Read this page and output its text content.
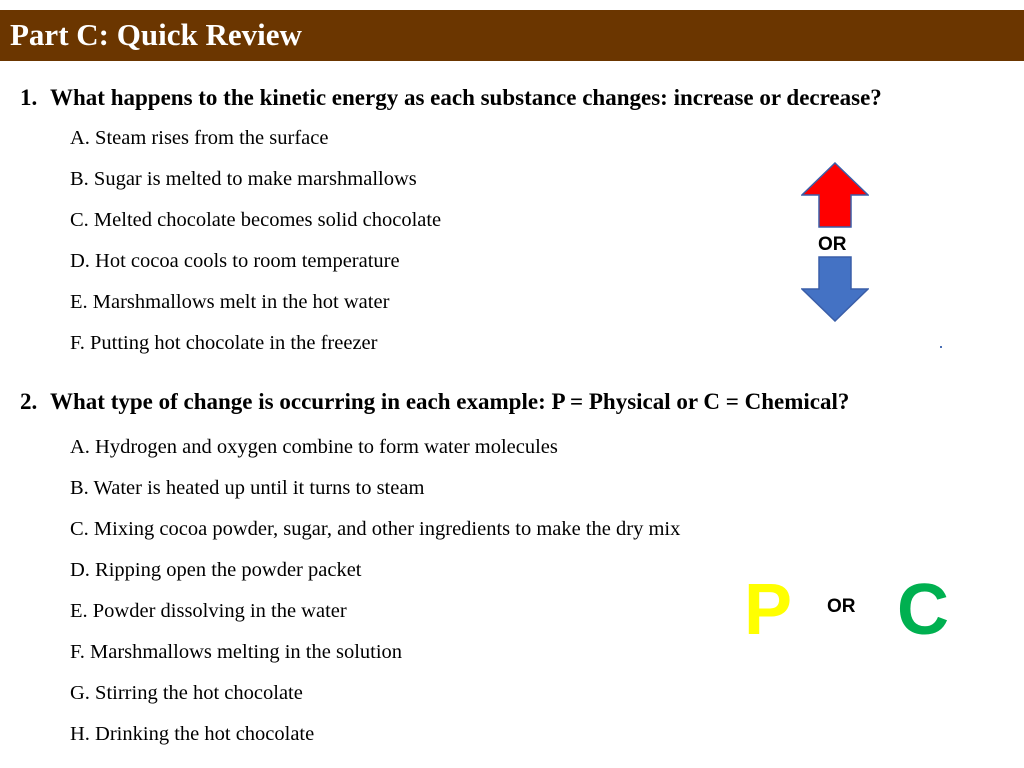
Part C: Quick Review
1. What happens to the kinetic energy as each substance changes: increase or decrease?
A. Steam rises from the surface
B. Sugar is melted to make marshmallows
C. Melted chocolate becomes solid chocolate
D. Hot cocoa cools to room temperature
E. Marshmallows melt in the hot water
F. Putting hot chocolate in the freezer
OR
2. What type of change is occurring in each example: P = Physical or C = Chemical?
A. Hydrogen and oxygen combine to form water molecules
B. Water is heated up until it turns to steam
C. Mixing cocoa powder, sugar, and other ingredients to make the dry mix
D. Ripping open the powder packet
E. Powder dissolving in the water
F. Marshmallows melting in the solution
G. Stirring the hot chocolate
H. Drinking the hot chocolate
P OR C
